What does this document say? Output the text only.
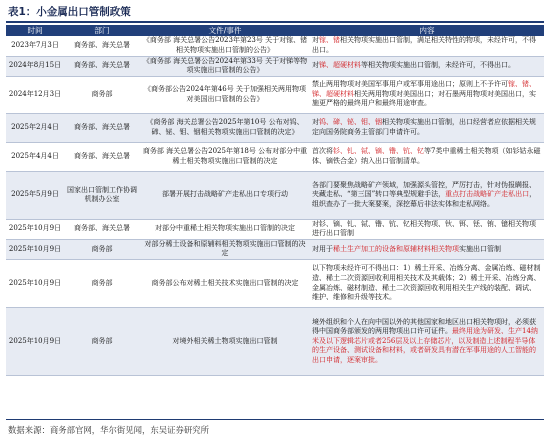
表1：小金属出口管制政策
时间	部门	文件/事件	内容
2023年7月3日	商务部、海关总署	《商务部 海关总署公告2023年第23号 关于对镓、锗相关物项实施出口管制的公告》	对镓、锗相关物项实施出口管制，满足相关特性的物项，未经许可，不得出口。
2024年8月15日	商务部、海关总署	《商务部 海关总署公告2024年第33号 关于对锑等物项实施出口管制的公告》	对锑、超硬材料等相关物项实施出口管制，未经许可，不得出口。
2024年12月3日	商务部	《商务部公告2024年第46号 关于加强相关两用物项对美国出口管制的公告》	禁止两用物项对美国军事用户或军事用途出口；原则上不予许可镓、锗、锑、超硬材料相关两用物项对美国出口；对石墨两用物项对美国出口，实施更严格的最终用户和最终用途审查。
2025年2月4日	商务部、海关总署	《商务部 海关总署公告2025年第10号 公布对钨、碲、铋、钼、铟相关物项实施出口管制的决定》	对钨、碲、铋、钼、铟相关物项实施出口管制，出口经营者应依据相关规定向国务院商务主管部门申请许可。
2025年4月4日	商务部、海关总署	商务部 海关总署公告2025年第18号 公布对部分中重稀土相关物项实施出口管制的决定	首次将钐、钆、铽、镝、镥、钪、钇等7类中重稀土相关物项（如钐钴永磁体、镝铁合金）纳入出口管制清单。
2025年5月9日	国家出口管制工作协调机制办公室	部署开展打击战略矿产走私出口专项行动	各部门要聚焦战略矿产领域，加强源头管控，严厉打击，针对伪报瞒报、夹藏走私、“第三国”转口等典型规避手法，重点打击战略矿产走私出口，组织查办了一批大案要案，深挖幕后非法实体和走私网络。
2025年10月9日	商务部、海关总署	对部分中重稀土相关物项实施出口管制的决定	对钐、镝、钆、铽、镥、钪、钇相关物项、钬、铒、铥、铕、镱相关物项进行出口管制
2025年10月9日	商务部	对部分稀土设备和原辅料相关物项实施出口管制的决定	对用于稀土生产加工的设备和原辅材料相关物项实施出口管制
2025年10月9日	商务部	商务部公布对稀土相关技术实施出口管制的决定	以下物项未经许可不得出口：1）稀土开采、冶炼分离、金属冶炼、磁材制造、稀土二次资源回收利用相关技术及其载体；2）稀土开采、冶炼分离、金属冶炼、磁材制造、稀土二次资源回收利用相关生产线的装配、调试、维护、维修和升级等技术。
2025年10月9日	商务部	对境外相关稀土物项实施出口管制	境外组织和个人在向中国以外的其他国家和地区出口相关物项时，必须获得中国商务部颁发的两用物项出口许可证件。最终用途为研发、生产14纳米及以下逻辑芯片或者256层及以上存储芯片，以及制造上述制程半导体的生产设备、测试设备和材料，或者研发具有潜在军事用途的人工智能的出口申请，逐案审批。
数据来源：商务部官网，华尔街见闻，东吴证券研究所
